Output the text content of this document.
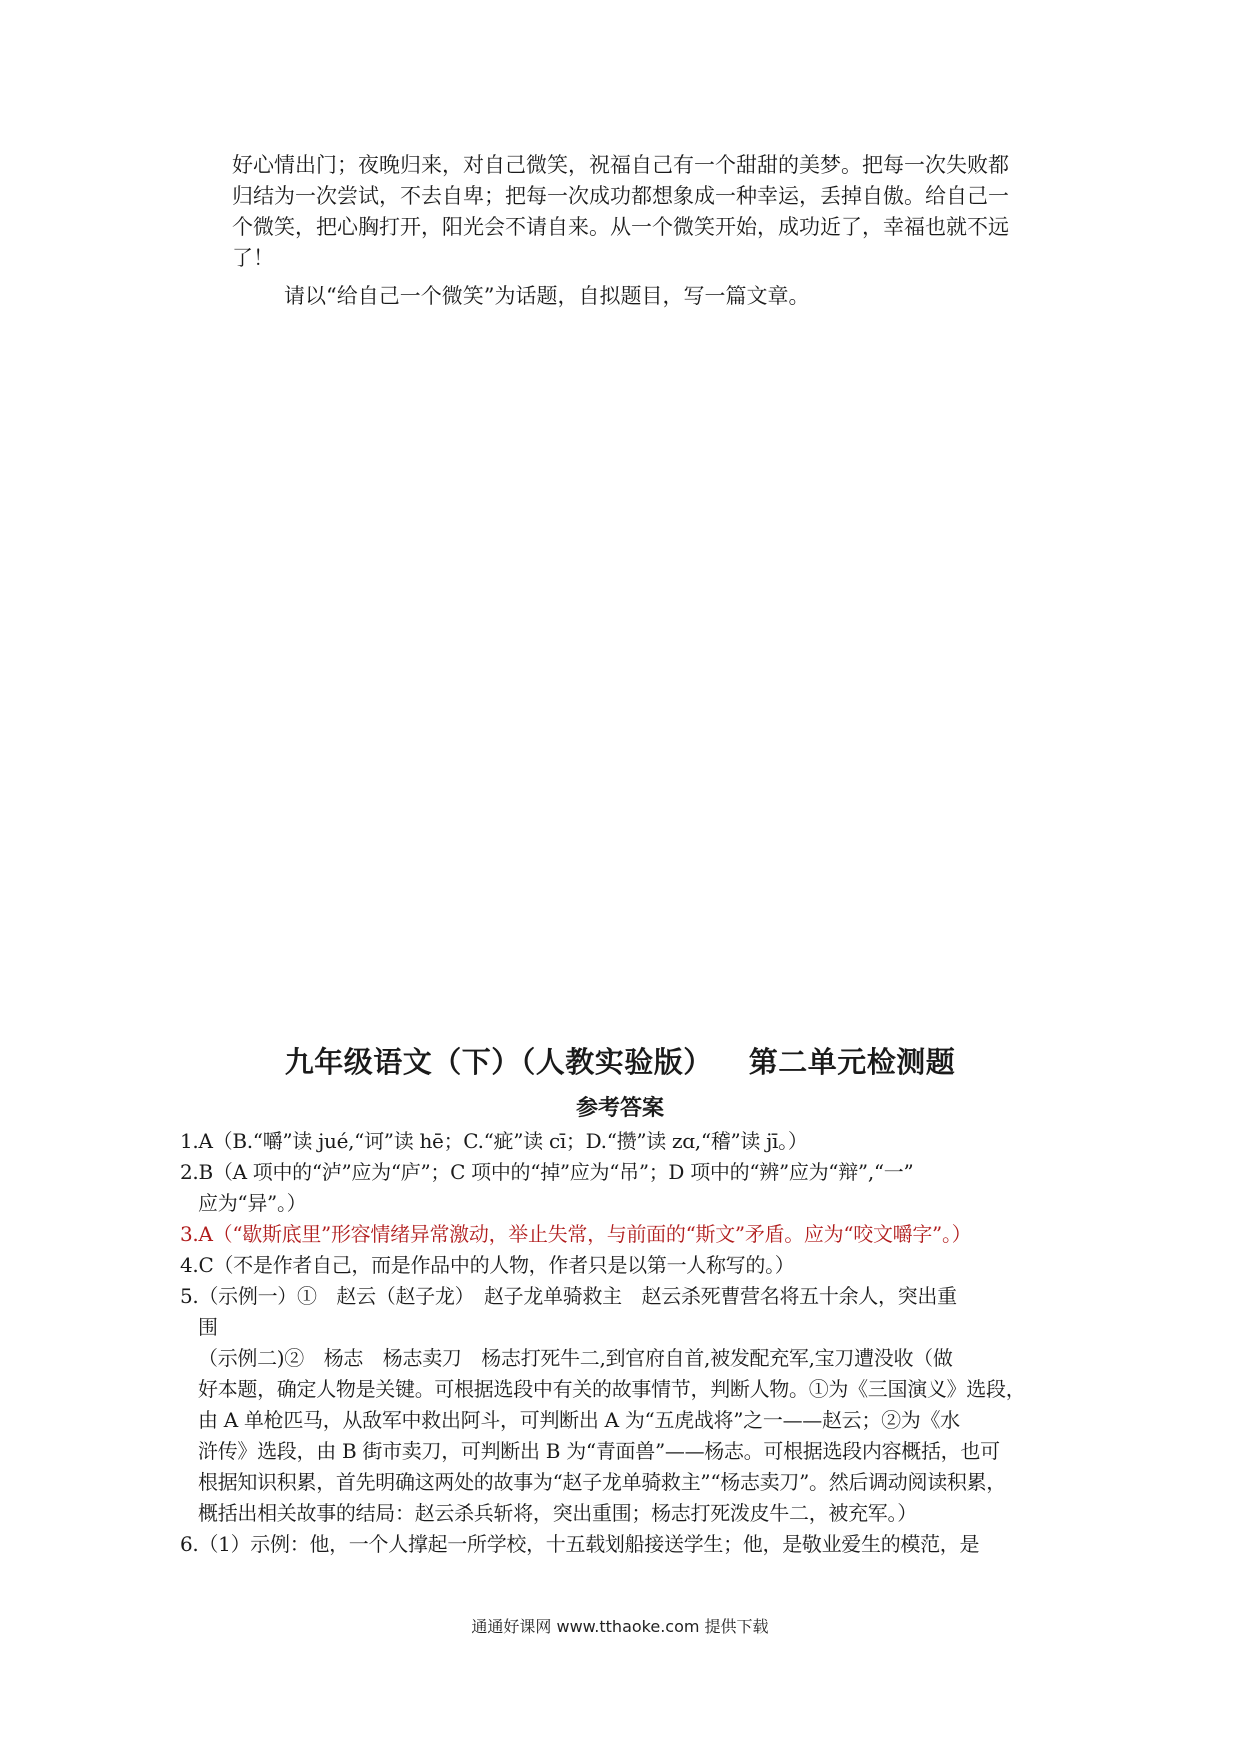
好心情出门；夜晚归来，对自己微笑，祝福自己有一个甜甜的美梦。把每一次失败都

归结为一次尝试，不去自卑；把每一次成功都想象成一种幸运，丢掉自傲。给自己一

个微笑，把心胸打开，阳光会不请自来。从一个微笑开始，成功近了，幸福也就不远

了！

请以“给自己一个微笑”为话题，自拟题目，写一篇文章。

九年级语文（下）（人教实验版） 第二单元检测题
参考答案

1.A（B.“嚼”读 jué,“诃”读 hē；C.“疵”读 cī；D.“攒”读 zɑ,“稽”读 jī。）

2.B（A 项中的“泸”应为“庐”；C 项中的“掉”应为“吊”；D 项中的“辨”应为“辩”,“一”

应为“异”。）

3.A（“歇斯底里”形容情绪异常激动，举止失常，与前面的“斯文”矛盾。应为“咬文嚼字”。）

4.C（不是作者自己，而是作品中的人物，作者只是以第一人称写的。）

5.（示例一）①　赵云（赵子龙）　赵子龙单骑救主　赵云杀死曹营名将五十余人，突出重

围

（示例二)②　杨志　杨志卖刀　杨志打死牛二,到官府自首,被发配充军,宝刀遭没收（做

好本题，确定人物是关键。可根据选段中有关的故事情节，判断人物。①为《三国演义》选段，

由 A 单枪匹马，从敌军中救出阿斗，可判断出 A 为“五虎战将”之一——赵云；②为《水

浒传》选段，由 B 街市卖刀，可判断出 B 为“青面兽”——杨志。可根据选段内容概括，也可

根据知识积累，首先明确这两处的故事为“赵子龙单骑救主”“杨志卖刀”。然后调动阅读积累，

概括出相关故事的结局：赵云杀兵斩将，突出重围；杨志打死泼皮牛二，被充军。）

6.（1）示例：他，一个人撑起一所学校，十五载划船接送学生；他，是敬业爱生的模范，是

通通好课网 www.tthaoke.com 提供下载
